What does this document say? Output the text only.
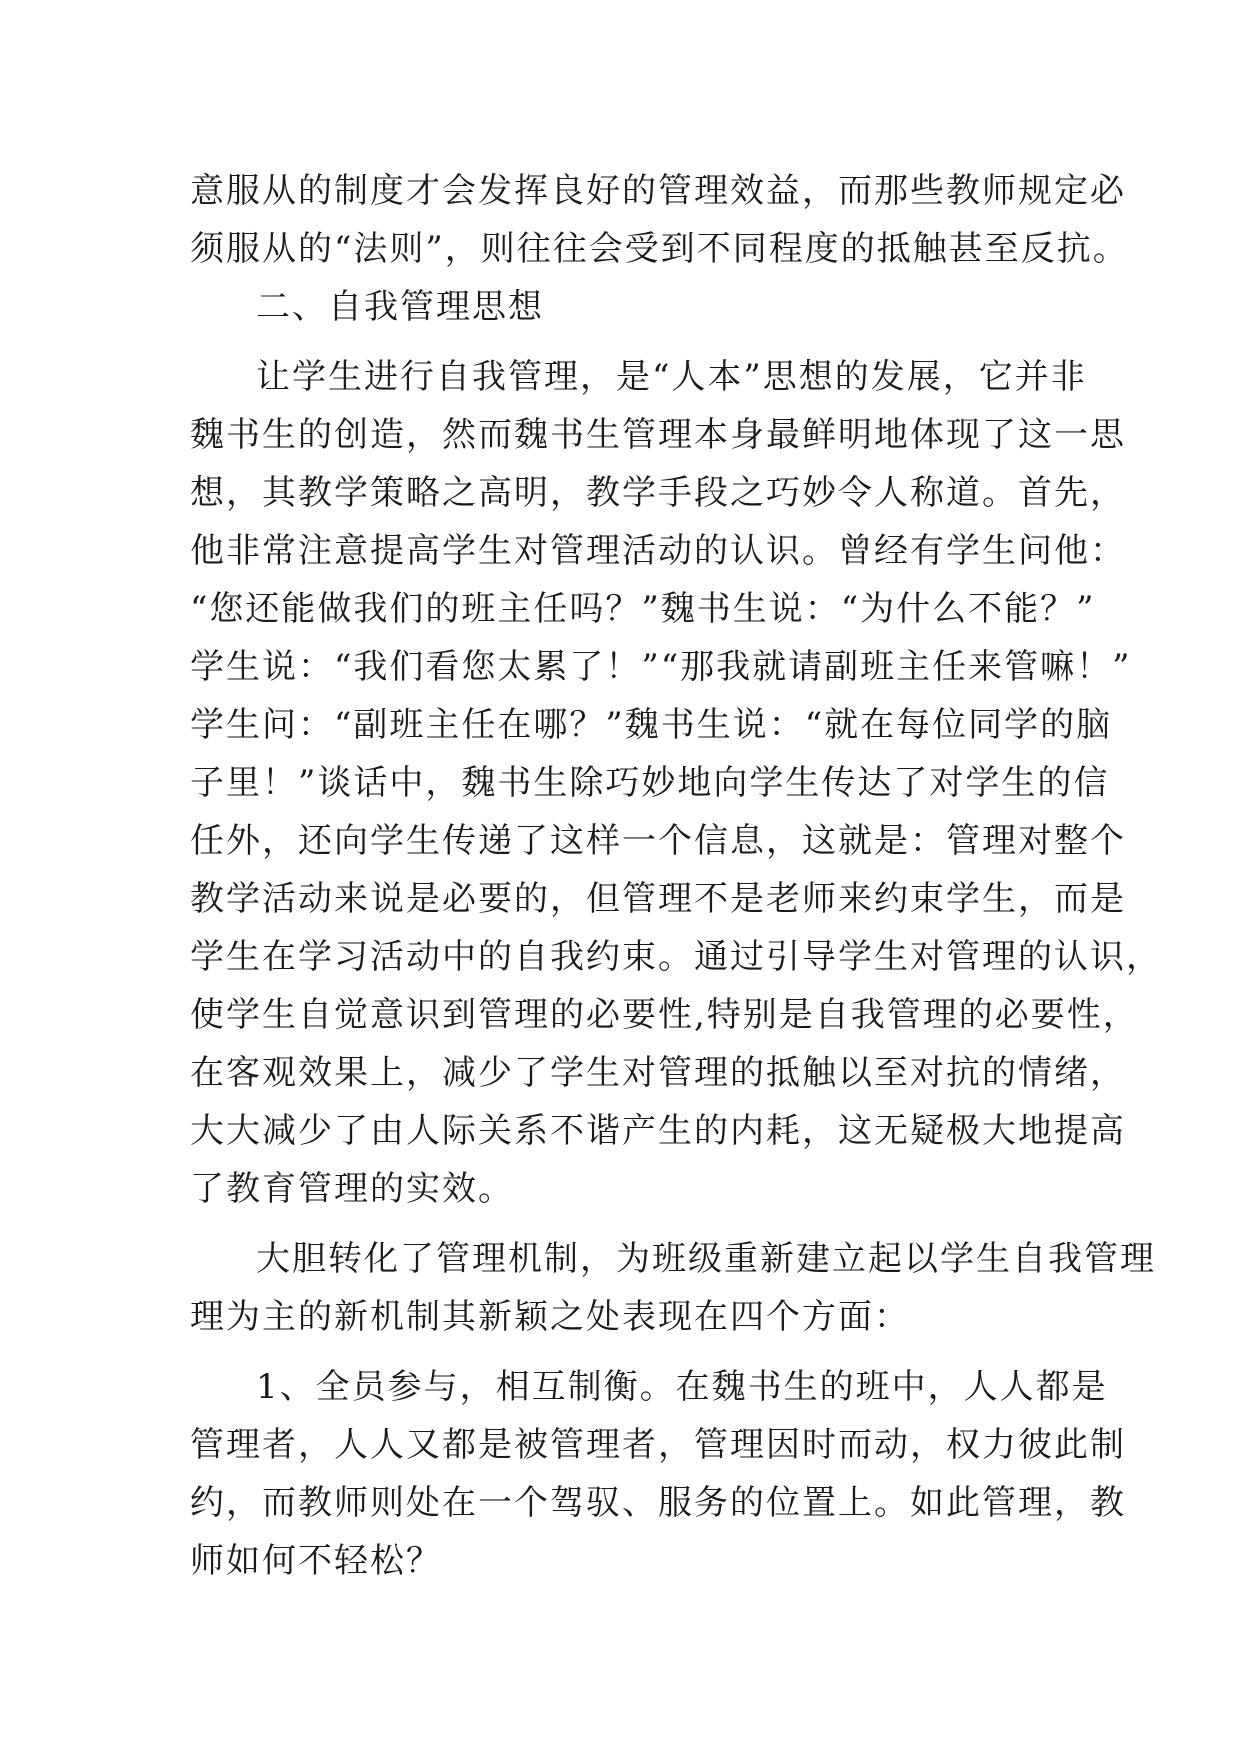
意服从的制度才会发挥良好的管理效益，而那些教师规定必
须服从的“法则”，则往往会受到不同程度的抵触甚至反抗。
二、自我管理思想
让学生进行自我管理，是“人本”思想的发展，它并非
魏书生的创造，然而魏书生管理本身最鲜明地体现了这一思
想，其教学策略之高明，教学手段之巧妙令人称道。首先，
他非常注意提高学生对管理活动的认识。曾经有学生问他：
“您还能做我们的班主任吗？”魏书生说：“为什么不能？”
学生说：“我们看您太累了！”“那我就请副班主任来管嘛！”
学生问：“副班主任在哪？”魏书生说：“就在每位同学的脑
子里！”谈话中，魏书生除巧妙地向学生传达了对学生的信
任外，还向学生传递了这样一个信息，这就是：管理对整个
教学活动来说是必要的，但管理不是老师来约束学生，而是
学生在学习活动中的自我约束。通过引导学生对管理的认识，
使学生自觉意识到管理的必要性,特别是自我管理的必要性，
在客观效果上，减少了学生对管理的抵触以至对抗的情绪，
大大减少了由人际关系不谐产生的内耗，这无疑极大地提高
了教育管理的实效。
大胆转化了管理机制，为班级重新建立起以学生自我管理
理为主的新机制其新颖之处表现在四个方面：
1、全员参与，相互制衡。在魏书生的班中，人人都是
管理者，人人又都是被管理者，管理因时而动，权力彼此制
约，而教师则处在一个驾驭、服务的位置上。如此管理，教
师如何不轻松？
